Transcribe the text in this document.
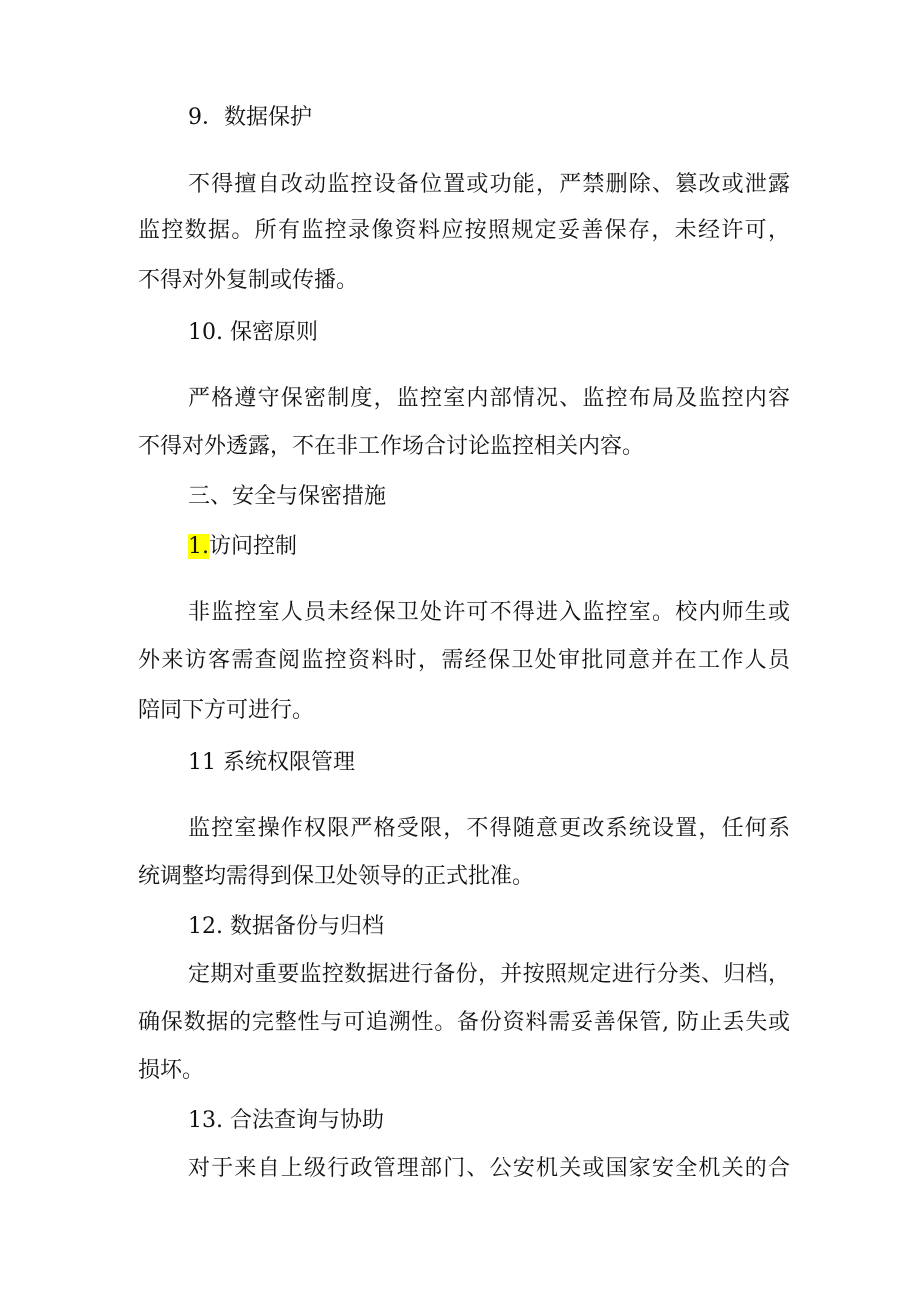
9．数据保护
不得擅自改动监控设备位置或功能，严禁删除、篡改或泄露
监控数据。所有监控录像资料应按照规定妥善保存，未经许可，
不得对外复制或传播。
10. 保密原则
严格遵守保密制度，监控室内部情况、监控布局及监控内容
不得对外透露，不在非工作场合讨论监控相关内容。
三、安全与保密措施
1.访问控制
非监控室人员未经保卫处许可不得进入监控室。校内师生或
外来访客需查阅监控资料时，需经保卫处审批同意并在工作人员
陪同下方可进行。
11 系统权限管理
监控室操作权限严格受限，不得随意更改系统设置，任何系
统调整均需得到保卫处领导的正式批准。
12. 数据备份与归档
定期对重要监控数据进行备份，并按照规定进行分类、归档，
确保数据的完整性与可追溯性。备份资料需妥善保管, 防止丢失或
损坏。
13. 合法查询与协助
对于来自上级行政管理部门、公安机关或国家安全机关的合
